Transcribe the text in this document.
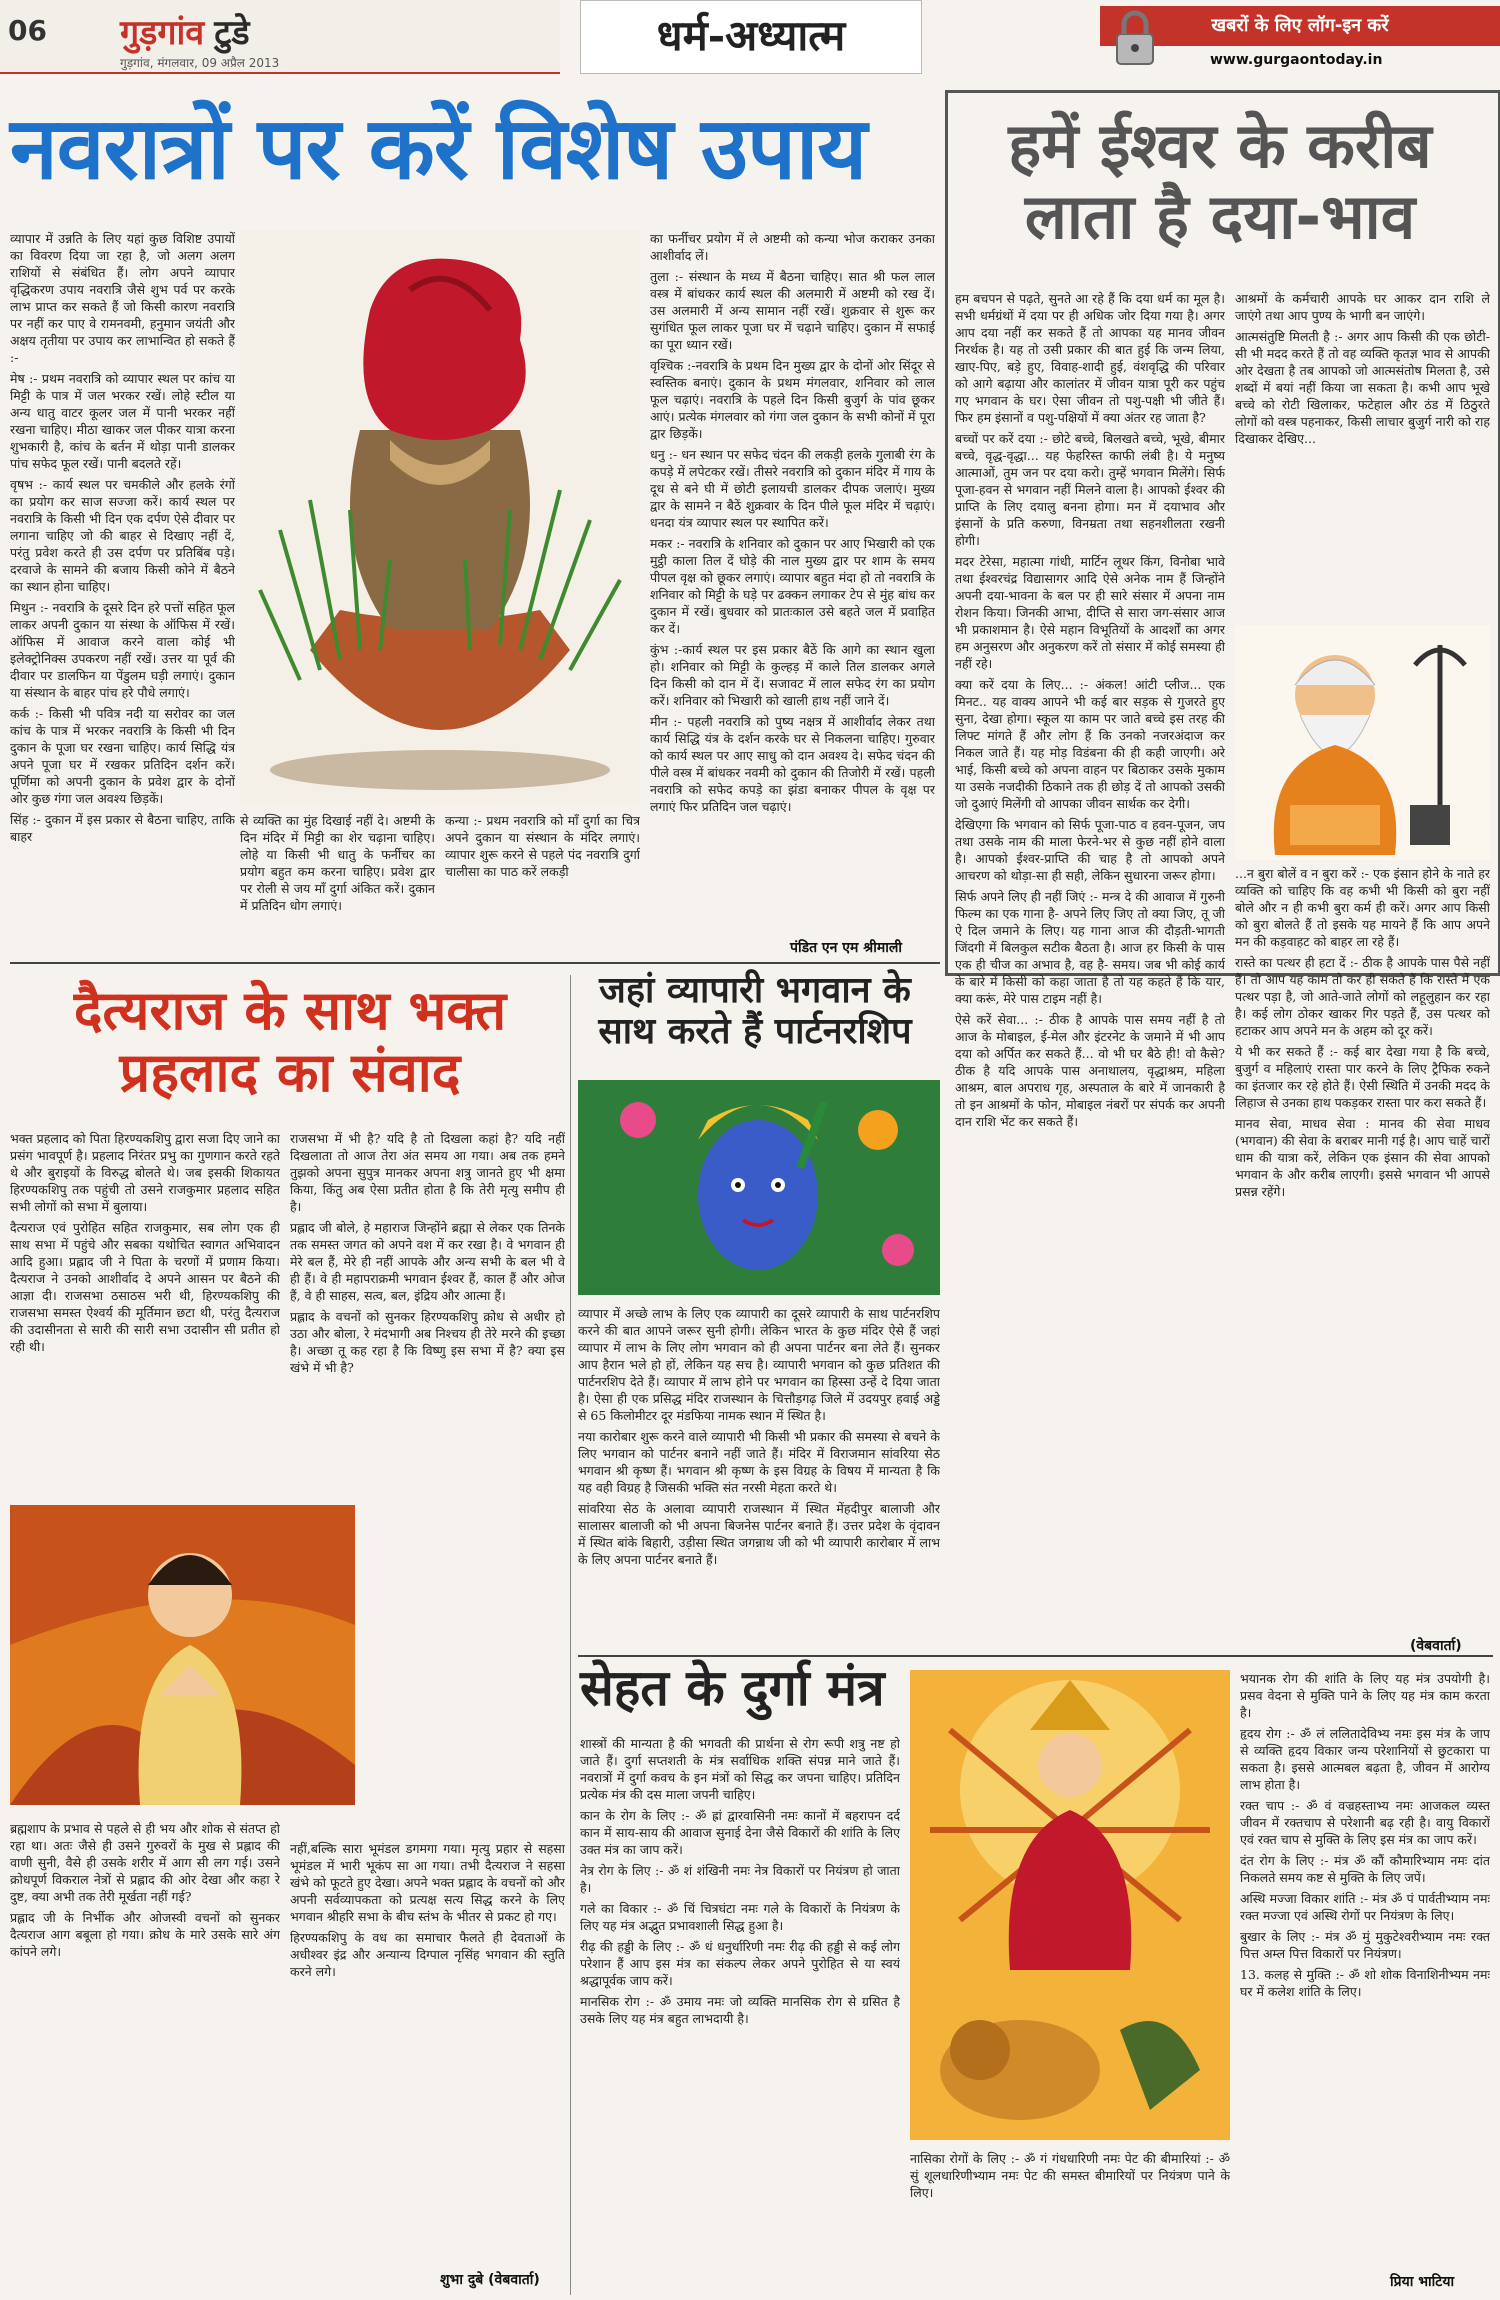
06 गुड़गांव टुडे
गुड़गांव, मंगलवार, 09 अप्रैल 2013
धर्म-अध्यात्म	खबरों के लिए लॉग-इन करें
www.gurgaontoday.in
नवरात्रों पर करें विशेष उपाय

व्यापार में उन्नति के लिए यहां कुछ विशिष्ट उपायों का विवरण दिया जा रहा है, जो अलग अलग राशियों से संबंधित हैं। लोग अपने व्यापार वृद्धिकरण उपाय नवरात्रि जैसे शुभ पर्व पर करके लाभ प्राप्त कर सकते हैं जो किसी कारण नवरात्रि पर नहीं कर पाए वे रामनवमी, हनुमान जयंती और अक्षय तृतीया पर उपाय कर लाभान्वित हो सकते हैं :-

मेष :- प्रथम नवरात्रि को व्यापार स्थल पर कांच या मिट्टी के पात्र में जल भरकर रखें। लोहे स्टील या अन्य धातु वाटर कूलर जल में पानी भरकर नहीं रखना चाहिए। मीठा खाकर जल पीकर यात्रा करना शुभकारी है, कांच के बर्तन में थोड़ा पानी डालकर पांच सफेद फूल रखें। पानी बदलते रहें।

वृषभ :- कार्य स्थल पर चमकीले और हलके रंगों का प्रयोग कर साज सज्जा करें। कार्य स्थल पर नवरात्रि के किसी भी दिन एक दर्पण ऐसे दीवार पर लगाना चाहिए जो की बाहर से दिखाए नहीं दें, परंतु प्रवेश करते ही उस दर्पण पर प्रतिबिंब पड़े। दरवाजे के सामने की बजाय किसी कोने में बैठने का स्थान होना चाहिए।

मिथुन :- नवरात्रि के दूसरे दिन हरे पत्तों सहित फूल लाकर अपनी दुकान या संस्था के ऑफिस में रखें। ऑफिस में आवाज करने वाला कोई भी इलेक्ट्रोनिक्स उपकरण नहीं रखें। उत्तर या पूर्व की दीवार पर डालफिन या पेंडुलम घड़ी लगाएं। दुकान या संस्थान के बाहर पांच हरे पौधे लगाएं।

कर्क :- किसी भी पवित्र नदी या सरोवर का जल कांच के पात्र में भरकर नवरात्रि के किसी भी दिन दुकान के पूजा घर रखना चाहिए। कार्य सिद्धि यंत्र अपने पूजा घर में रखकर प्रतिदिन दर्शन करें। पूर्णिमा को अपनी दुकान के प्रवेश द्वार के दोनों ओर कुछ गंगा जल अवश्य छिड़कें।

सिंह :- दुकान में इस प्रकार से बैठना चाहिए, ताकि बाहर

से व्यक्ति का मुंह दिखाई नहीं दे। अष्टमी के दिन मंदिर में मिट्टी का शेर चढ़ाना चाहिए। लोहे या किसी भी धातु के फर्नीचर का प्रयोग बहुत कम करना चाहिए। प्रवेश द्वार पर रोली से जय माँ दुर्गा अंकित करें। दुकान में प्रतिदिन धोग लगाएं।

कन्या :- प्रथम नवरात्रि को माँ दुर्गा का चित्र अपने दुकान या संस्थान के मंदिर लगाएं। व्यापार शुरू करने से पहले पंद नवरात्रि दुर्गा चालीसा का पाठ करें लकड़ी

का फर्नीचर प्रयोग में ले अष्टमी को कन्या भोज कराकर उनका आशीर्वाद लें।

तुला :- संस्थान के मध्य में बैठना चाहिए। सात श्री फल लाल वस्त्र में बांधकर कार्य स्थल की अलमारी में अष्टमी को रख दें। उस अलमारी में अन्य सामान नहीं रखें। शुक्रवार से शुरू कर सुगंधित फूल लाकर पूजा घर में चढ़ाने चाहिए। दुकान में सफाई का पूरा ध्यान रखें।

वृश्चिक :-नवरात्रि के प्रथम दिन मुख्य द्वार के दोनों ओर सिंदूर से स्वस्तिक बनाएं। दुकान के प्रथम मंगलवार, शनिवार को लाल फूल चढ़ाएं। नवरात्रि के पहले दिन किसी बुजुर्ग के पांव छूकर आएं। प्रत्येक मंगलवार को गंगा जल दुकान के सभी कोनों में पूरा द्वार छिड़कें।

धनु :- धन स्थान पर सफेद चंदन की लकड़ी हलके गुलाबी रंग के कपड़े में लपेटकर रखें। तीसरे नवरात्रि को दुकान मंदिर में गाय के दूध से बने घी में छोटी इलायची डालकर दीपक जलाएं। मुख्य द्वार के सामने न बैठें शुक्रवार के दिन पीले फूल मंदिर में चढ़ाएं। धनदा यंत्र व्यापार स्थल पर स्थापित करें।

मकर :- नवरात्रि के शनिवार को दुकान पर आए भिखारी को एक मुट्ठी काला तिल दें घोड़े की नाल मुख्य द्वार पर शाम के समय पीपल वृक्ष को छूकर लगाएं। व्यापार बहुत मंदा हो तो नवरात्रि के शनिवार को मिट्टी के घड़े पर ढक्कन लगाकर टेप से मुंह बांध कर दुकान में रखें। बुधवार को प्रातःकाल उसे बहते जल में प्रवाहित कर दें।

कुंभ :-कार्य स्थल पर इस प्रकार बैठें कि आगे का स्थान खुला हो। शनिवार को मिट्टी के कुल्हड़ में काले तिल डालकर अगले दिन किसी को दान में दें। सजावट में लाल सफेद रंग का प्रयोग करें। शनिवार को भिखारी को खाली हाथ नहीं जाने दें।

मीन :- पहली नवरात्रि को पुष्य नक्षत्र में आशीर्वाद लेकर तथा कार्य सिद्धि यंत्र के दर्शन करके घर से निकलना चाहिए। गुरुवार को कार्य स्थल पर आए साधु को दान अवश्य दे। सफेद चंदन की पीले वस्त्र में बांधकर नवमी को दुकान की तिजोरी में रखें। पहली नवरात्रि को सफेद कपड़े का झंडा बनाकर पीपल के वृक्ष पर लगाएं फिर प्रतिदिन जल चढ़ाएं।

पंडित एन एम श्रीमाली
हमें ईश्वर के करीब लाता है दया-भाव

हम बचपन से पढ़ते, सुनते आ रहे हैं कि दया धर्म का मूल है। सभी धर्मग्रंथों में दया पर ही अधिक जोर दिया गया है। अगर आप दया नहीं कर सकते हैं तो आपका यह मानव जीवन निरर्थक है। यह तो उसी प्रकार की बात हुई कि जन्म लिया, खाए-पिए, बड़े हुए, विवाह-शादी हुई, वंशवृद्धि की परिवार को आगे बढ़ाया और कालांतर में जीवन यात्रा पूरी कर पहुंच गए भगवान के घर। ऐसा जीवन तो पशु-पक्षी भी जीते हैं। फिर हम इंसानों व पशु-पक्षियों में क्या अंतर रह जाता है?

बच्चों पर करें दया :- छोटे बच्चे, बिलखते बच्चे, भूखे, बीमार बच्चे, वृद्ध-वृद्धा... यह फेहरिस्त काफी लंबी है। ये मनुष्य आत्माओं, तुम जन पर दया करो। तुम्हें भगवान मिलेंगे। सिर्फ पूजा-हवन से भगवान नहीं मिलने वाला है। आपको ईश्वर की प्राप्ति के लिए दयालु बनना होगा। मन में दयाभाव और इंसानों के प्रति करुणा, विनम्रता तथा सहनशीलता रखनी होगी।

मदर टेरेसा, महात्मा गांधी, मार्टिन लूथर किंग, विनोबा भावे तथा ईश्वरचंद्र विद्यासागर आदि ऐसे अनेक नाम हैं जिन्होंने अपनी दया-भावना के बल पर ही सारे संसार में अपना नाम रोशन किया। जिनकी आभा, दीप्ति से सारा जग-संसार आज भी प्रकाशमान है। ऐसे महान विभूतियों के आदर्शों का अगर हम अनुसरण और अनुकरण करें तो संसार में कोई समस्या ही नहीं रहे।

क्या करें दया के लिए... :- अंकल! आंटी प्लीज... एक मिनट.. यह वाक्य आपने भी कई बार सड़क से गुजरते हुए सुना, देखा होगा। स्कूल या काम पर जाते बच्चे इस तरह की लिफ्ट मांगते हैं और लोग हैं कि उनको नजरअंदाज कर निकल जाते हैं। यह मोड़ विडंबना की ही कही जाएगी। अरे भाई, किसी बच्चे को अपना वाहन पर बिठाकर उसके मुकाम या उसके नजदीकी ठिकाने तक ही छोड़ दें तो आपको उसकी जो दुआएं मिलेंगी वो आपका जीवन सार्थक कर देगी।

देखिएगा कि भगवान को सिर्फ पूजा-पाठ व हवन-पूजन, जप तथा उसके नाम की माला फेरने-भर से कुछ नहीं होने वाला है। आपको ईश्वर-प्राप्ति की चाह है तो आपको अपने आचरण को थोड़ा-सा ही सही, लेकिन सुधारना जरूर होगा।

सिर्फ अपने लिए ही नहीं जिएं :- मन्त्र दे की आवाज में गुरुनी फिल्म का एक गाना है- अपने लिए जिए तो क्या जिए, तू जी ऐ दिल जमाने के लिए। यह गाना आज की दौड़ती-भागती जिंदगी में बिलकुल सटीक बैठता है। आज हर किसी के पास एक ही चीज का अभाव है, वह है- समय। जब भी कोई कार्य के बारे में किसी को कहा जाता है तो यह कहते हैं कि यार, क्या करूं, मेरे पास टाइम नहीं है।

ऐसे करें सेवा... :- ठीक है आपके पास समय नहीं है तो आज के मोबाइल, ई-मेल और इंटरनेट के जमाने में भी आप दया को अर्पित कर सकते हैं... वो भी घर बैठे ही! वो कैसे? ठीक है यदि आपके पास अनाथालय, वृद्धाश्रम, महिला आश्रम, बाल अपराध गृह, अस्पताल के बारे में जानकारी है तो इन आश्रमों के फोन, मोबाइल नंबरों पर संपर्क कर अपनी दान राशि भेंट कर सकते हैं।

आश्रमों के कर्मचारी आपके घर आकर दान राशि ले जाएंगे तथा आप पुण्य के भागी बन जाएंगे।

आत्मसंतुष्टि मिलती है :- अगर आप किसी की एक छोटी-सी भी मदद करते हैं तो वह व्यक्ति कृतज्ञ भाव से आपकी ओर देखता है तब आपको जो आत्मसंतोष मिलता है, उसे शब्दों में बयां नहीं किया जा सकता है। कभी आप भूखे बच्चे को रोटी खिलाकर, फटेहाल और ठंड में ठिठुरते लोगों को वस्त्र पहनाकर, किसी लाचार बुजुर्ग नारी को राह दिखाकर देखिए...

...न बुरा बोलें व न बुरा करें :- एक इंसान होने के नाते हर व्यक्ति को चाहिए कि वह कभी भी किसी को बुरा नहीं बोले और न ही कभी बुरा कर्म ही करें। अगर आप किसी को बुरा बोलते हैं तो इसके यह मायने हैं कि आप अपने मन की कड़वाहट को बाहर ला रहे हैं।

रास्ते का पत्थर ही हटा दें :- ठीक है आपके पास पैसे नहीं हैं। तो आप यह काम तो कर ही सकते हैं कि रास्ते में एक पत्थर पड़ा है, जो आते-जाते लोगों को लहूलुहान कर रहा है। कई लोग ठोकर खाकर गिर पड़ते हैं, उस पत्थर को हटाकर आप अपने मन के अहम को दूर करें।

ये भी कर सकते हैं :- कई बार देखा गया है कि बच्चे, बुजुर्ग व महिलाएं रास्ता पार करने के लिए ट्रैफिक रुकने का इंतजार कर रहे होते हैं। ऐसी स्थिति में उनकी मदद के लिहाज से उनका हाथ पकड़कर रास्ता पार करा सकते हैं।

मानव सेवा, माधव सेवा : मानव की सेवा माधव (भगवान) की सेवा के बराबर मानी गई है। आप चाहें चारों धाम की यात्रा करें, लेकिन एक इंसान की सेवा आपको भगवान के और करीब लाएगी। इससे भगवान भी आपसे प्रसन्न रहेंगे।

(वेबवार्ता)
दैत्यराज के साथ भक्त प्रहलाद का संवाद

भक्त प्रहलाद को पिता हिरण्यकशिपु द्वारा सजा दिए जाने का प्रसंग भावपूर्ण है। प्रहलाद निरंतर प्रभु का गुणगान करते रहते थे और बुराइयों के विरुद्ध बोलते थे। जब इसकी शिकायत हिरण्यकशिपु तक पहुंची तो उसने राजकुमार प्रहलाद सहित सभी लोगों को सभा में बुलाया।

दैत्यराज एवं पुरोहित सहित राजकुमार, सब लोग एक ही साथ सभा में पहुंचे और सबका यथोचित स्वागत अभिवादन आदि हुआ। प्रह्लाद जी ने पिता के चरणों में प्रणाम किया। दैत्यराज ने उनको आशीर्वाद दे अपने आसन पर बैठने की आज्ञा दी। राजसभा ठसाठस भरी थी, हिरण्यकशिपु की राजसभा समस्त ऐश्वर्य की मूर्तिमान छटा थी, परंतु दैत्यराज की उदासीनता से सारी की सारी सभा उदासीन सी प्रतीत हो रही थी।

राजसभा में भी है? यदि है तो दिखला कहां है? यदि नहीं दिखलाता तो आज तेरा अंत समय आ गया। अब तक हमने तुझको अपना सुपुत्र मानकर अपना शत्रु जानते हुए भी क्षमा किया, किंतु अब ऐसा प्रतीत होता है कि तेरी मृत्यु समीप ही है।

प्रह्लाद जी बोले, हे महाराज जिन्होंने ब्रह्मा से लेकर एक तिनके तक समस्त जगत को अपने वश में कर रखा है। वे भगवान ही मेरे बल हैं, मेरे ही नहीं आपके और अन्य सभी के बल भी वे ही हैं। वे ही महापराक्रमी भगवान ईश्वर हैं, काल हैं और ओज हैं, वे ही साहस, सत्व, बल, इंद्रिय और आत्मा हैं।

प्रह्लाद के वचनों को सुनकर हिरण्यकशिपु क्रोध से अधीर हो उठा और बोला, रे मंदभागी अब निश्चय ही तेरे मरने की इच्छा है। अच्छा तू कह रहा है कि विष्णु इस सभा में है? क्या इस खंभे में भी है?

ब्रह्मशाप के प्रभाव से पहले से ही भय और शोक से संतप्त हो रहा था। अतः जैसे ही उसने गुरुवरों के मुख से प्रह्लाद की वाणी सुनी, वैसे ही उसके शरीर में आग सी लग गई। उसने क्रोधपूर्ण विकराल नेत्रों से प्रह्लाद की ओर देखा और कहा रे दुष्ट, क्या अभी तक तेरी मूर्खता नहीं गई?

प्रह्लाद जी के निर्भीक और ओजस्वी वचनों को सुनकर दैत्यराज आग बबूला हो गया। क्रोध के मारे उसके सारे अंग कांपने लगे।

नहीं,बल्कि सारा भूमंडल डगमगा गया। मृत्यु प्रहार से सहसा भूमंडल में भारी भूकंप सा आ गया। तभी दैत्यराज ने सहसा खंभे को फूटते हुए देखा। अपने भक्त प्रह्लाद के वचनों को और अपनी सर्वव्यापकता को प्रत्यक्ष सत्य सिद्ध करने के लिए भगवान श्रीहरि सभा के बीच स्तंभ के भीतर से प्रकट हो गए।

हिरण्यकशिपु के वध का समाचार फैलते ही देवताओं के अधीश्वर इंद्र और अन्यान्य दिग्पाल नृसिंह भगवान की स्तुति करने लगे।

शुभा दुबे (वेबवार्ता)
जहां व्यापारी भगवान के साथ करते हैं पार्टनरशिप

व्यापार में अच्छे लाभ के लिए एक व्यापारी का दूसरे व्यापारी के साथ पार्टनरशिप करने की बात आपने जरूर सुनी होगी। लेकिन भारत के कुछ मंदिर ऐसे हैं जहां व्यापार में लाभ के लिए लोग भगवान को ही अपना पार्टनर बना लेते हैं। सुनकर आप हैरान भले हो हों, लेकिन यह सच है। व्यापारी भगवान को कुछ प्रतिशत की पार्टनरशिप देते हैं। व्यापार में लाभ होने पर भगवान का हिस्सा उन्हें दे दिया जाता है। ऐसा ही एक प्रसिद्ध मंदिर राजस्थान के चित्तौड़गढ़ जिले में उदयपुर हवाई अड्डे से 65 किलोमीटर दूर मंडफिया नामक स्थान में स्थित है।

नया कारोबार शुरू करने वाले व्यापारी भी किसी भी प्रकार की समस्या से बचने के लिए भगवान को पार्टनर बनाने नहीं जाते हैं। मंदिर में विराजमान सांवरिया सेठ भगवान श्री कृष्ण हैं। भगवान श्री कृष्ण के इस विग्रह के विषय में मान्यता है कि यह वही विग्रह है जिसकी भक्ति संत नरसी मेहता करते थे।

सांवरिया सेठ के अलावा व्यापारी राजस्थान में स्थित मेंहदीपुर बालाजी और सालासर बालाजी को भी अपना बिजनेस पार्टनर बनाते हैं। उत्तर प्रदेश के वृंदावन में स्थित बांके बिहारी, उड़ीसा स्थित जगन्नाथ जी को भी व्यापारी कारोबार में लाभ के लिए अपना पार्टनर बनाते हैं।

सेहत के दुर्गा मंत्र

शास्त्रों की मान्यता है की भगवती की प्रार्थना से रोग रूपी शत्रु नष्ट हो जाते हैं। दुर्गा सप्तशती के मंत्र सर्वाधिक शक्ति संपन्न माने जाते हैं। नवरात्रों में दुर्गा कवच के इन मंत्रों को सिद्ध कर जपना चाहिए। प्रतिदिन प्रत्येक मंत्र की दस माला जपनी चाहिए।

कान के रोग के लिए :- ॐ ह्रां द्वारवासिनी नमः कानों में बहरापन दर्द कान में साय-साय की आवाज सुनाई देना जैसे विकारों की शांति के लिए उक्त मंत्र का जाप करें।

नेत्र रोग के लिए :- ॐ शं शंखिनी नमः नेत्र विकारों पर नियंत्रण हो जाता है।

गले का विकार :- ॐ चिं चित्रघंटा नमः गले के विकारों के नियंत्रण के लिए यह मंत्र अद्भुत प्रभावशाली सिद्ध हुआ है।

रीढ़ की हड्डी के लिए :- ॐ धं धनुर्धारिणी नमः रीढ़ की हड्डी से कई लोग परेशान हैं आप इस मंत्र का संकल्प लेकर अपने पुरोहित से या स्वयं श्रद्धापूर्वक जाप करें।

मानसिक रोग :- ॐ उमाय नमः जो व्यक्ति मानसिक रोग से ग्रसित है उसके लिए यह मंत्र बहुत लाभदायी है।

भयानक रोग की शांति के लिए यह मंत्र उपयोगी है। प्रसव वेदना से मुक्ति पाने के लिए यह मंत्र काम करता है।

हृदय रोग :- ॐ लं ललितादेविभ्य नमः इस मंत्र के जाप से व्यक्ति हृदय विकार जन्य परेशानियों से छुटकारा पा सकता है। इससे आत्मबल बढ़ता है, जीवन में आरोग्य लाभ होता है।

रक्त चाप :- ॐ वं वज्रहस्ताभ्य नमः आजकल व्यस्त जीवन में रक्तचाप से परेशानी बढ़ रही है। वायु विकारों एवं रक्त चाप से मुक्ति के लिए इस मंत्र का जाप करें।

दंत रोग के लिए :- मंत्र ॐ कौं कौमारिभ्याम नमः दांत निकलते समय कष्ट से मुक्ति के लिए जपें।

अस्थि मज्जा विकार शांति :- मंत्र ॐ पं पार्वतीभ्याम नमः रक्त मज्जा एवं अस्थि रोगों पर नियंत्रण के लिए।

बुखार के लिए :- मंत्र ॐ मुं मुकुटेश्वरीभ्याम नमः रक्त पित्त अम्ल पित्त विकारों पर नियंत्रण।

13. कलह से मुक्ति :- ॐ शो शोक विनाशिनीभ्यम नमः घर में कलेश शांति के लिए।

नासिका रोगों के लिए :- ॐ गं गंधधारिणी नमः पेट की बीमारियां :- ॐ सुं शूलधारिणीभ्याम नमः पेट की समस्त बीमारियों पर नियंत्रण पाने के लिए।

प्रिया भाटिया
